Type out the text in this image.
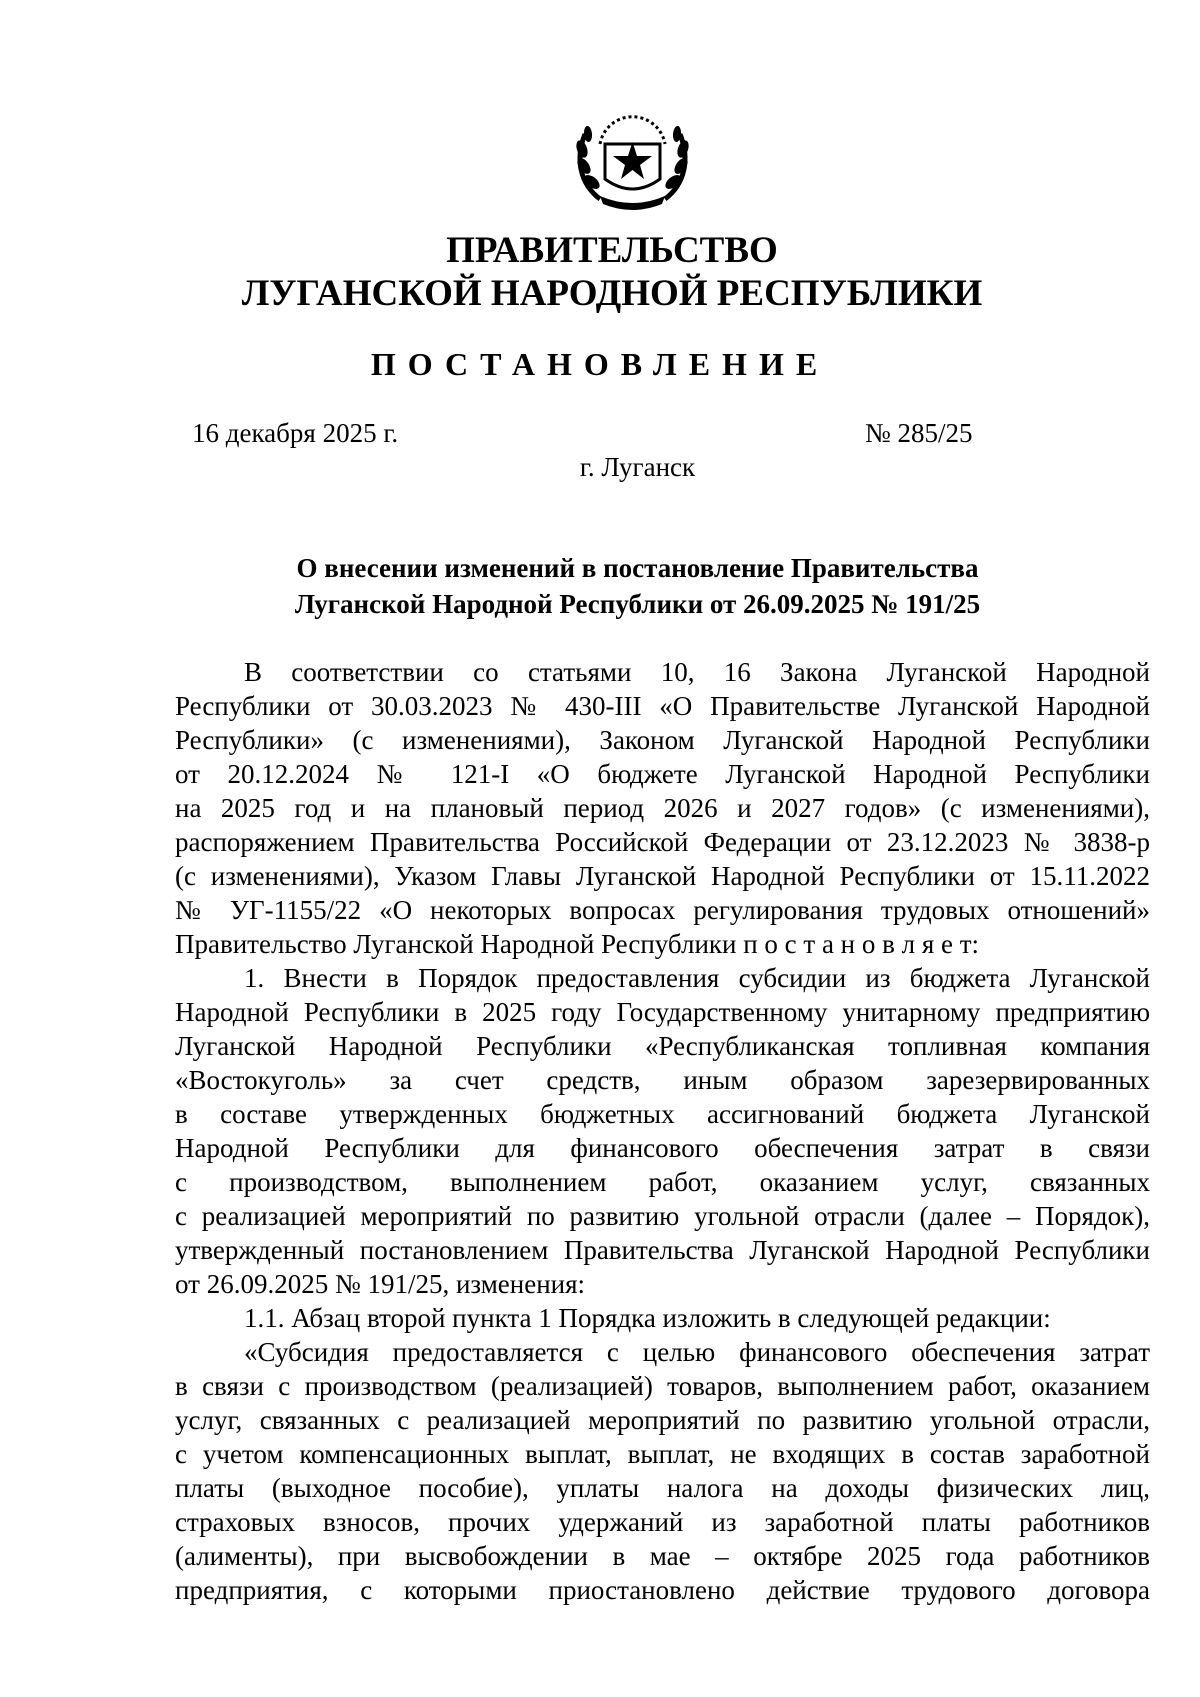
ПРАВИТЕЛЬСТВО
ЛУГАНСКОЙ НАРОДНОЙ РЕСПУБЛИКИ
ПОСТАНОВЛЕНИЕ
16 декабря 2025 г.	№ 285/25
г. Луганск
О внесении изменений в постановление Правительства
Луганской Народной Республики от 26.09.2025 № 191/25
В соответствии со статьями 10, 16 Закона Луганской Народной
Республики от 30.03.2023 № 430-III «О Правительстве Луганской Народной
Республики» (с изменениями), Законом Луганской Народной Республики
от 20.12.2024 № 121-I «О бюджете Луганской Народной Республики
на 2025 год и на плановый период 2026 и 2027 годов» (с изменениями),
распоряжением Правительства Российской Федерации от 23.12.2023 № 3838-р
(с изменениями), Указом Главы Луганской Народной Республики от 15.11.2022
№ УГ-1155/22 «О некоторых вопросах регулирования трудовых отношений»
Правительство Луганской Народной Республики п о с т а н о в л я е т:
1. Внести в Порядок предоставления субсидии из бюджета Луганской
Народной Республики в 2025 году Государственному унитарному предприятию
Луганской Народной Республики «Республиканская топливная компания
«Востокуголь» за счет средств, иным образом зарезервированных
в составе утвержденных бюджетных ассигнований бюджета Луганской
Народной Республики для финансового обеспечения затрат в связи
с производством, выполнением работ, оказанием услуг, связанных
с реализацией мероприятий по развитию угольной отрасли (далее – Порядок),
утвержденный постановлением Правительства Луганской Народной Республики
от 26.09.2025 № 191/25, изменения:
1.1. Абзац второй пункта 1 Порядка изложить в следующей редакции:
«Субсидия предоставляется с целью финансового обеспечения затрат
в связи с производством (реализацией) товаров, выполнением работ, оказанием
услуг, связанных с реализацией мероприятий по развитию угольной отрасли,
с учетом компенсационных выплат, выплат, не входящих в состав заработной
платы (выходное пособие), уплаты налога на доходы физических лиц,
страховых взносов, прочих удержаний из заработной платы работников
(алименты), при высвобождении в мае – октябре 2025 года работников
предприятия, с которыми приостановлено действие трудового договора
